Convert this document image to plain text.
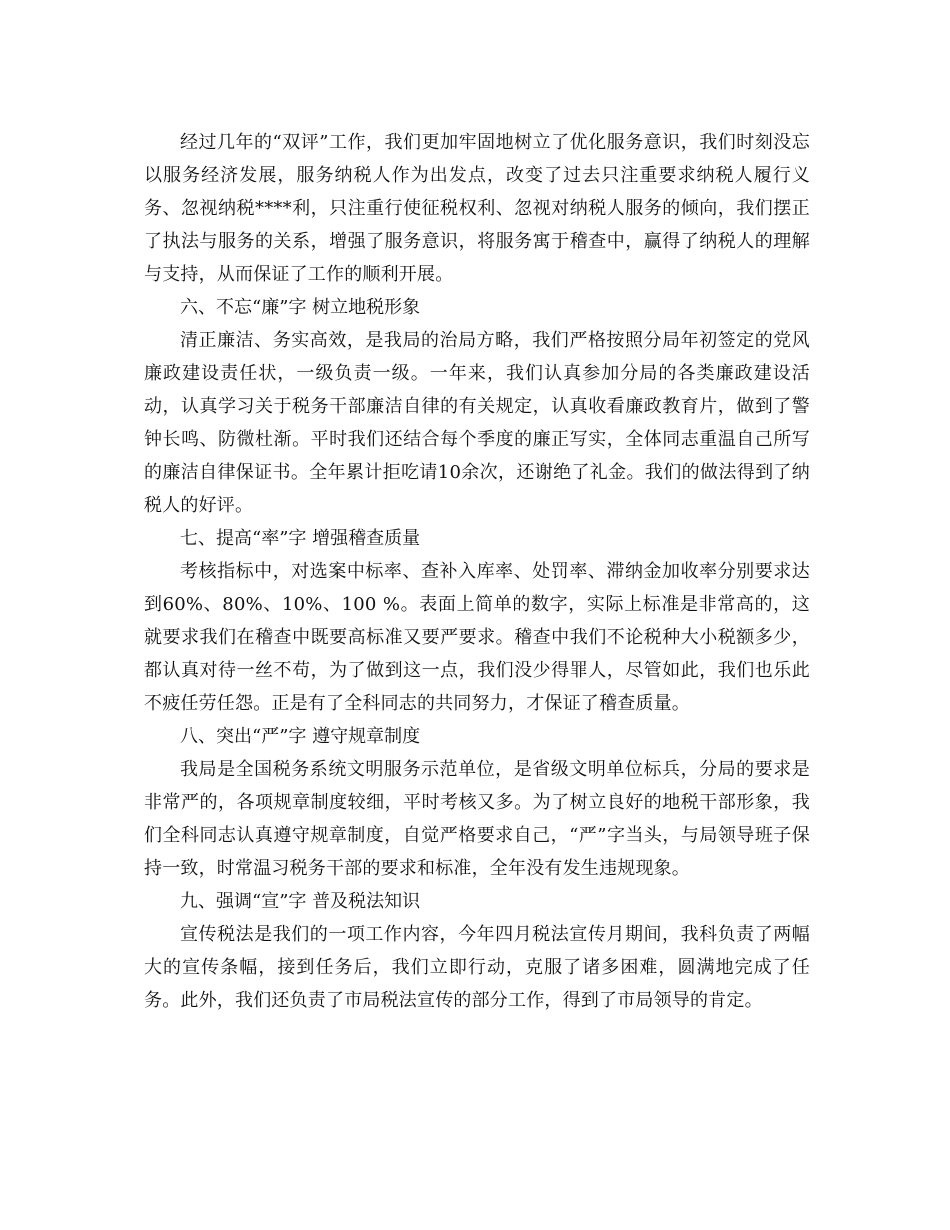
经过几年的“双评”工作，我们更加牢固地树立了优化服务意识，我们时刻没忘以服务经济发展，服务纳税人作为出发点，改变了过去只注重要求纳税人履行义务、忽视纳税****利，只注重行使征税权利、忽视对纳税人服务的倾向，我们摆正了执法与服务的关系，增强了服务意识，将服务寓于稽查中，赢得了纳税人的理解与支持，从而保证了工作的顺利开展。

六、不忘“廉”字 树立地税形象

清正廉洁、务实高效，是我局的治局方略，我们严格按照分局年初签定的党风廉政建设责任状，一级负责一级。一年来，我们认真参加分局的各类廉政建设活动，认真学习关于税务干部廉洁自律的有关规定，认真收看廉政教育片，做到了警钟长鸣、防微杜渐。平时我们还结合每个季度的廉正写实，全体同志重温自己所写的廉洁自律保证书。全年累计拒吃请10余次，还谢绝了礼金。我们的做法得到了纳税人的好评。

七、提高“率”字 增强稽查质量

考核指标中，对选案中标率、查补入库率、处罚率、滞纳金加收率分别要求达到60%、80%、10%、100 %。表面上简单的数字，实际上标准是非常高的，这就要求我们在稽查中既要高标准又要严要求。稽查中我们不论税种大小税额多少，都认真对待一丝不苟，为了做到这一点，我们没少得罪人，尽管如此，我们也乐此不疲任劳任怨。正是有了全科同志的共同努力，才保证了稽查质量。

八、突出“严”字 遵守规章制度

我局是全国税务系统文明服务示范单位，是省级文明单位标兵，分局的要求是非常严的，各项规章制度较细，平时考核又多。为了树立良好的地税干部形象，我们全科同志认真遵守规章制度，自觉严格要求自己，“严”字当头，与局领导班子保持一致，时常温习税务干部的要求和标准，全年没有发生违规现象。

九、强调“宣”字 普及税法知识

宣传税法是我们的一项工作内容，今年四月税法宣传月期间，我科负责了两幅大的宣传条幅，接到任务后，我们立即行动，克服了诸多困难，圆满地完成了任务。此外，我们还负责了市局税法宣传的部分工作，得到了市局领导的肯定。
